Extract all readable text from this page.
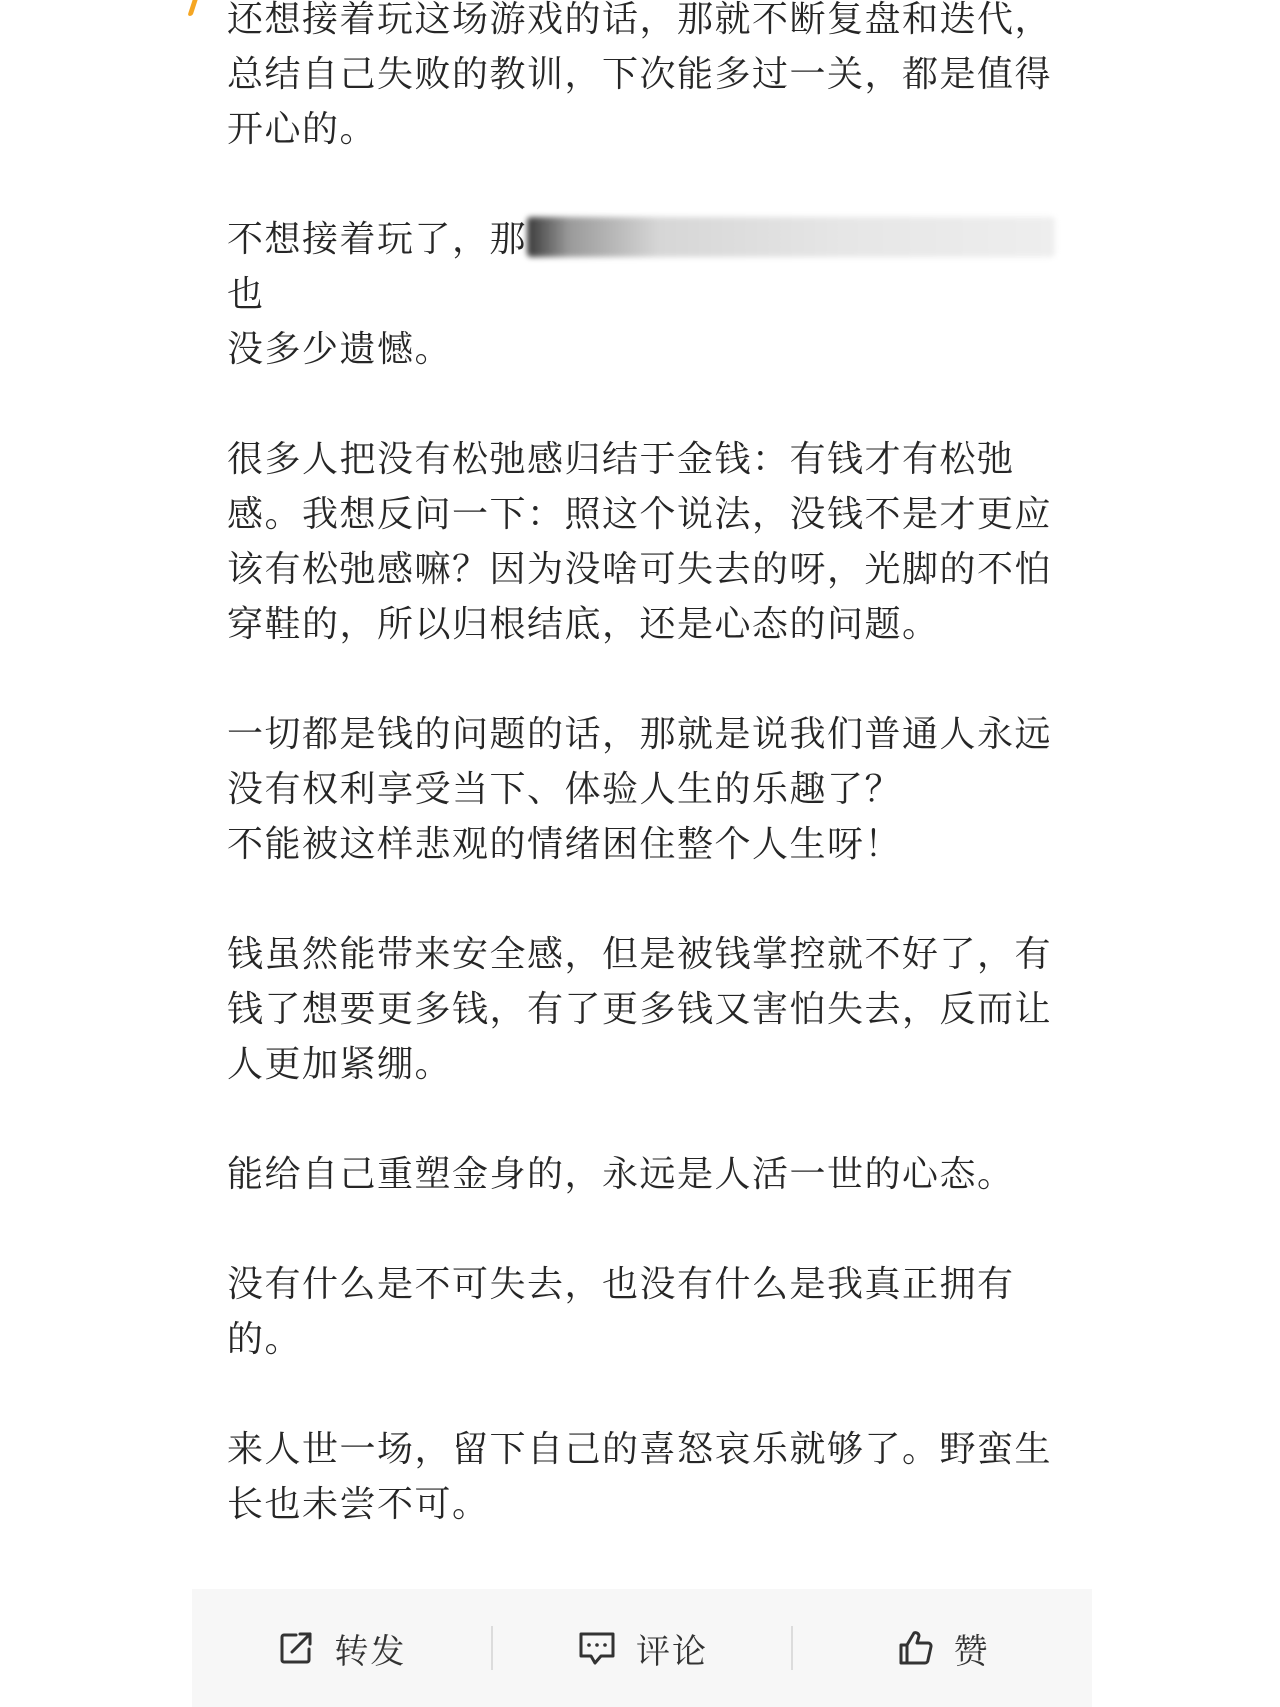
还想接着玩这场游戏的话，那就不断复盘和迭代，
总结自己失败的教训，下次能多过一关，都是值得
开心的。

不想接着玩了，那也
没多少遗憾。

很多人把没有松弛感归结于金钱：有钱才有松弛
感。我想反问一下：照这个说法，没钱不是才更应
该有松弛感嘛？因为没啥可失去的呀，光脚的不怕
穿鞋的，所以归根结底，还是心态的问题。

一切都是钱的问题的话，那就是说我们普通人永远
没有权利享受当下、体验人生的乐趣了？
不能被这样悲观的情绪困住整个人生呀！

钱虽然能带来安全感，但是被钱掌控就不好了，有
钱了想要更多钱，有了更多钱又害怕失去，反而让
人更加紧绷。

能给自己重塑金身的，永远是人活一世的心态。

没有什么是不可失去，也没有什么是我真正拥有
的。

来人世一场，留下自己的喜怒哀乐就够了。野蛮生
长也未尝不可。

转发	评论	赞
